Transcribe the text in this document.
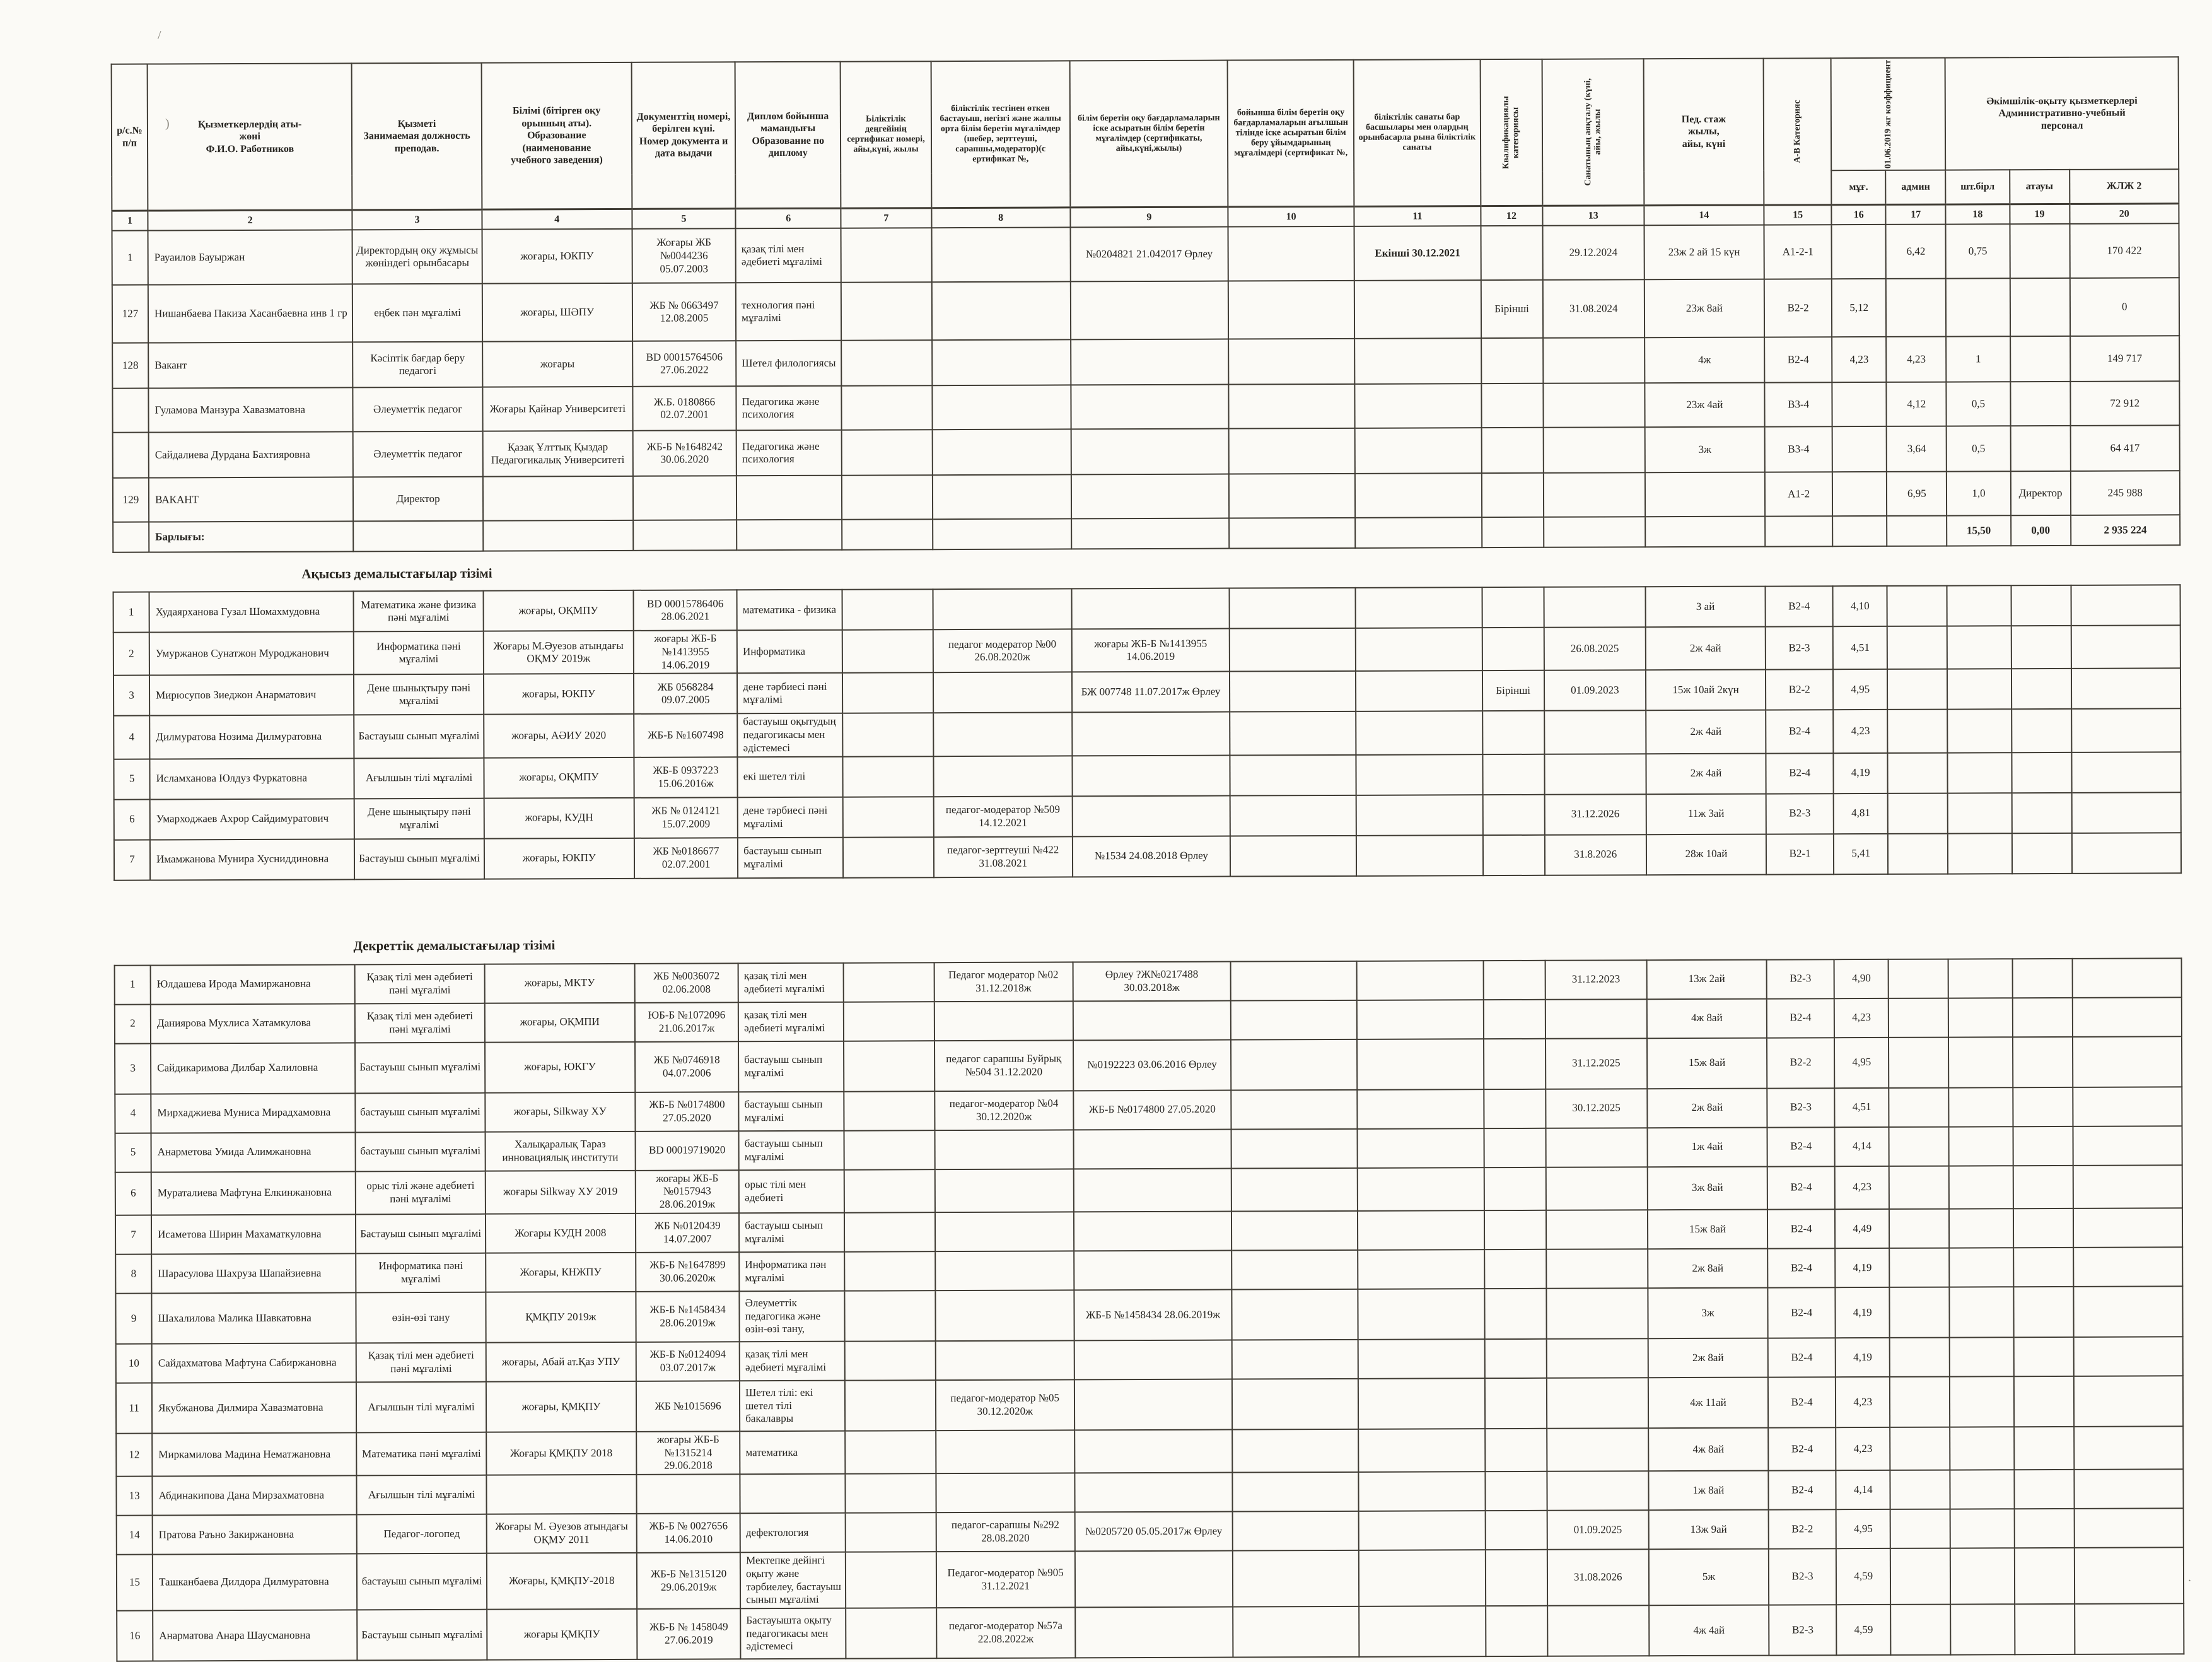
/
)
.
р/с.№
п/п	Қызметкерлердің аты-
жөні
Ф.И.О. Работников	Қызметі
Занимаемая должность
преподав.	Білімі (бітірген оқу
орынның аты).
Образование
(наименование
учебного заведения)	Документтің номері,
берілген күні.
Номер документа и
дата выдачи	Диплом бойынша
мамандығы
Образование по
диплому	Ьіліктілік деңгейінің сертификат номері, айы,күні, жылы	біліктілік тестінен өткен бастауыш, негізгі және жалпы орта білім беретін мұғалімдер (шебер, зерттеуші, сарапшы,модератор)(с ертификат №,	білім беретін оқу бағдарламаларын іске асыратын білім беретін мұғалімдер (сертификаты, айы,күні,жылы)	бойынша білім беретін оқу бағдарламаларын ағылшын тілінде іске асыратын білім беру ұйымдарының мұғалімдері (сертификат №,	біліктілік санаты бар басшылары мен олардың орынбасарла рына біліктілік санаты	Квалификациялы категориясы	Санатының аяқталу (күні, айы, жылы	Пед. стаж
жылы,
айы, күні	А-В Категорияс	01.06.2019 жг коэффициент		Әкімшілік-оқыту қызметкерлері
Административно-учебный
персонал		
															мұғ.	админ	шт.бірл	атауы	ЖЛЖ 2
1	2	3	4	5	6	7	8	9	10	11	12	13	14	15	16	17	18	19	20
1	Рауаилов Бауыржан	Директордың оқу жұмысы жөніндегі орынбасары	жоғары, ЮКПУ	Жоғары ЖБ №0044236 05.07.2003	қазақ тілі мен әдебиеті мұғалімі			№0204821 21.042017 Өрлеу		Екінші 30.12.2021		29.12.2024	23ж 2 ай 15 күн	А1-2-1		6,42	0,75		170 422
127	Нишанбаева Пакиза Хасанбаевна инв 1 гр	еңбек пән мұғалімі	жоғары, ШӘПУ	ЖБ № 0663497 12.08.2005	технология пәні мұғалімі						Бірінші	31.08.2024	23ж 8ай	В2-2	5,12				0
128	Вакант	Кәсіптік бағдар беру педагогі	жоғары	BD 00015764506 27.06.2022	Шетел филологиясы								4ж	В2-4	4,23	4,23	1		149 717
	Гуламова Манзура Хавазматовна	Әлеуметтік педагог	Жоғары Қайнар Университеті	Ж.Б. 0180866 02.07.2001	Педагогика және психология								23ж 4ай	В3-4		4,12	0,5		72 912
	Сайдалиева Дурдана Бахтияровна	Әлеуметтік педагог	Қазақ Ұлттық Қыздар Педагогикалық Университеті	ЖБ-Б №1648242 30.06.2020	Педагогика және психология								3ж	В3-4		3,64	0,5		64 417
129	ВАКАНТ	Директор												А1-2		6,95	1,0	Директор	245 988
	Барлығы:																15,50	0,00	2 935 224
Ақысыз демалыстағылар тізімі
1	Худаярханова Гузал Шомахмудовна	Математика және физика пәні мұғалімі	жоғары, ОҚМПУ	BD 00015786406 28.06.2021	математика - физика								3 ай	В2-4	4,10				
2	Умуржанов Сунатжон Муроджанович	Информатика пәні мұғалімі	Жоғары М.Әуезов атындағы ОҚМУ 2019ж	жоғары ЖБ-Б №1413955 14.06.2019	Информатика		педагог модератор №00 26.08.2020ж	жоғары ЖБ-Б №1413955 14.06.2019				26.08.2025	2ж 4ай	В2-3	4,51				
3	Мирюсупов Зиеджон Анарматович	Дене шынықтыру пәні мұғалімі	жоғары, ЮКПУ	ЖБ 0568284 09.07.2005	дене тәрбиесі пәні мұғалімі			БЖ 007748 11.07.2017ж Өрлеу			Бірінші	01.09.2023	15ж 10ай 2күн	В2-2	4,95				
4	Дилмуратова Нозима Дилмуратовна	Бастауыш сынып мұғалімі	жоғары, АӘИУ 2020	ЖБ-Б №1607498	бастауыш оқытудың педагогикасы мен әдістемесі								2ж 4ай	В2-4	4,23				
5	Исламханова Юлдуз Фуркатовна	Ағылшын тілі мұғалімі	жоғары, ОҚМПУ	ЖБ-Б 0937223 15.06.2016ж	екі шетел тілі								2ж 4ай	В2-4	4,19				
6	Умарходжаев Ахрор Сайдимуратович	Дене шынықтыру пәні мұғалімі	жоғары, КУДН	ЖБ № 0124121 15.07.2009	дене тәрбиесі пәні мұғалімі		педагог-модератор №509 14.12.2021					31.12.2026	11ж 3ай	В2-3	4,81				
7	Имамжанова Мунира Хусниддиновна	Бастауыш сынып мұғалімі	жоғары, ЮКПУ	ЖБ №0186677 02.07.2001	бастауыш сынып мұғалімі		педагог-зерттеуші №422 31.08.2021	№1534 24.08.2018 Өрлеу				31.8.2026	28ж 10ай	В2-1	5,41				
Декреттік демалыстағылар тізімі
1	Юлдашева Ирода Мамиржановна	Қазақ тілі мен әдебиеті пәні мұғалімі	жоғары, МКТУ	ЖБ №0036072 02.06.2008	қазақ тілі мен әдебиеті мұғалімі		Педагог модератор №02 31.12.2018ж	Өрлеу ?Ж№0217488 30.03.2018ж				31.12.2023	13ж 2ай	В2-3	4,90				
2	Даниярова Мухлиса Хатамкулова	Қазақ тілі мен әдебиеті пәні мұғалімі	жоғары, ОҚМПИ	ЮБ-Б №1072096 21.06.2017ж	қазақ тілі мен әдебиеті мұғалімі								4ж 8ай	В2-4	4,23				
3	Сайдикаримова Дилбар Халиловна	Бастауыш сынып мұғалімі	жоғары, ЮКГУ	ЖБ №0746918 04.07.2006	бастауыш сынып мұғалімі		педагог сарапшы Буйрық №504 31.12.2020	№0192223 03.06.2016 Өрлеу				31.12.2025	15ж 8ай	В2-2	4,95				
4	Мирхаджиева Муниса Мирадхамовна	бастауыш сынып мұғалімі	жоғары, Silkway ХУ	ЖБ-Б №0174800 27.05.2020	бастауыш сынып мұғалімі		педагог-модератор №04 30.12.2020ж	ЖБ-Б №0174800 27.05.2020				30.12.2025	2ж 8ай	В2-3	4,51				
5	Анарметова Умида Алимжановна	бастауыш сынып мұғалімі	Халықаралық Тараз инновациялық институти	BD 00019719020	бастауыш сынып мұғалімі								1ж 4ай	В2-4	4,14				
6	Мураталиева Мафтуна Елкинжановна	орыс тілі және әдебиеті пәні мұғалімі	жоғары Silkway ХУ 2019	жоғары ЖБ-Б №0157943 28.06.2019ж	орыс тілі мен әдебиеті								3ж 8ай	В2-4	4,23				
7	Исаметова Ширин Махаматкуловна	Бастауыш сынып мұғалімі	Жоғары КУДН 2008	ЖБ №0120439 14.07.2007	бастауыш сынып мұғалімі								15ж 8ай	В2-4	4,49				
8	Шарасулова Шахруза Шапайзиевна	Информатика пәні мұғалімі	Жоғары, КНЖПУ	ЖБ-Б №1647899 30.06.2020ж	Информатика пән мұғалімі								2ж 8ай	В2-4	4,19				
9	Шахалилова Малика Шавкатовна	өзін-өзі тану	ҚМҚПУ 2019ж	ЖБ-Б №1458434 28.06.2019ж	Әлеуметтік педагогика және өзін-өзі тану,			ЖБ-Б №1458434 28.06.2019ж					3ж	В2-4	4,19				
10	Сайдахматова Мафтуна Сабиржановна	Қазақ тілі мен әдебиеті пәні мұғалімі	жоғары, Абай ат.Қаз УПУ	ЖБ-Б №0124094 03.07.2017ж	қазақ тілі мен әдебиеті мұғалімі								2ж 8ай	В2-4	4,19				
11	Якубжанова Дилмира Хавазматовна	Ағылшын тілі мұғалімі	жоғары, ҚМҚПУ	ЖБ №1015696	Шетел тілі: екі шетел тілі бакалавры		педагог-модератор №05 30.12.2020ж						4ж 11ай	В2-4	4,23				
12	Миркамилова Мадина Нематжановна	Математика пәні мұғалімі	Жоғары ҚМҚПУ 2018	жоғары ЖБ-Б №1315214 29.06.2018	математика								4ж 8ай	В2-4	4,23				
13	Абдинакипова Дана Мирзахматовна	Ағылшын тілі мұғалімі											1ж 8ай	В2-4	4,14				
14	Пратова Раъно Закиржановна	Педагог-логопед	Жоғары М. Әуезов атындағы ОҚМУ 2011	ЖБ-Б № 0027656 14.06.2010	дефектология		педагог-сарапшы №292 28.08.2020	№0205720 05.05.2017ж Өрлеу				01.09.2025	13ж 9ай	В2-2	4,95				
15	Ташканбаева Дилдора Дилмуратовна	бастауыш сынып мұғалімі	Жоғары, ҚМҚПУ-2018	ЖБ-Б №1315120 29.06.2019ж	Мектепке дейінгі оқыту және тәрбиелеу, бастауыш сынып мұғалімі		Педагог-модератор №905 31.12.2021					31.08.2026	5ж	В2-3	4,59				
16	Анарматова Анара Шаусмановна	Бастауыш сынып мұғалімі	жоғары ҚМҚПУ	ЖБ-Б № 1458049 27.06.2019	Бастауышта оқыту педагогикасы мен әдістемесі		педагог-модератор №57а 22.08.2022ж						4ж 4ай	В2-3	4,59				
